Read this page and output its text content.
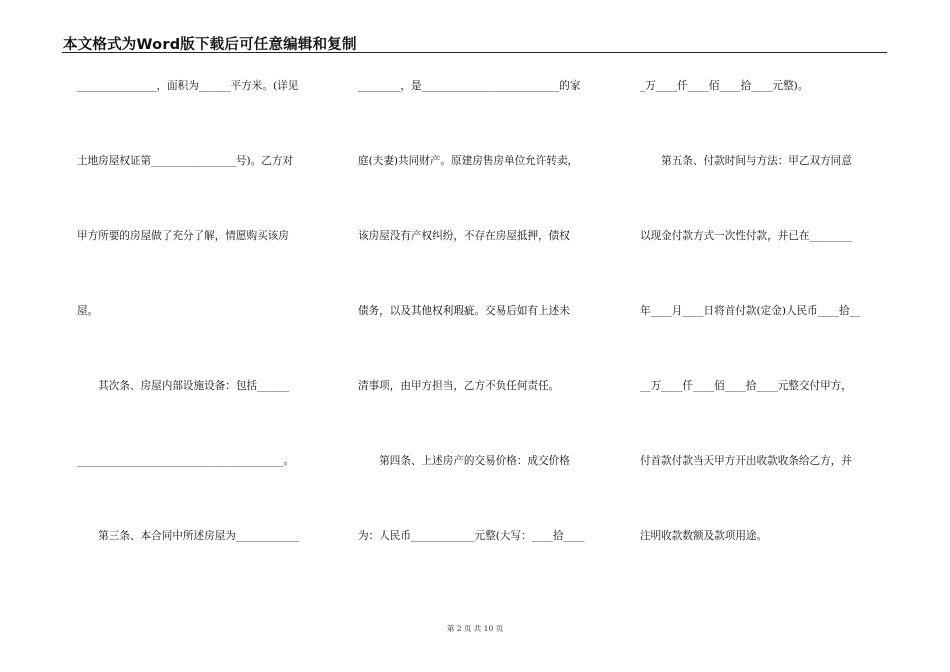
本文格式为Word版下载后可任意编辑和复制
_______________，面积为______平方米。(详见
土地房屋权证第________________号)。乙方对
甲方所要的房屋做了充分了解，情愿购买该房
屋。
　　其次条、房屋内部设施设备：包括______
_______________________________________。
　　第三条、本合同中所述房屋为____________
________，是__________________________的家
庭(夫妻)共同财产。原建房售房单位允许转卖，
该房屋没有产权纠纷，不存在房屋抵押，债权
债务，以及其他权利瑕疵。交易后如有上述未
清事项，由甲方担当，乙方不负任何责任。
　　第四条、上述房产的交易价格：成交价格
为：人民币____________元整(大写：____拾____
_万____仟____佰____拾____元整)。
　　第五条、付款时间与方法：甲乙双方同意
以现金付款方式一次性付款，并已在________
年____月____日将首付款(定金)人民币____拾__
__万____仟____佰____拾____元整交付甲方，
付首款付款当天甲方开出收款收条给乙方，并
注明收款数额及款项用途。
第 2 页 共 10 页
